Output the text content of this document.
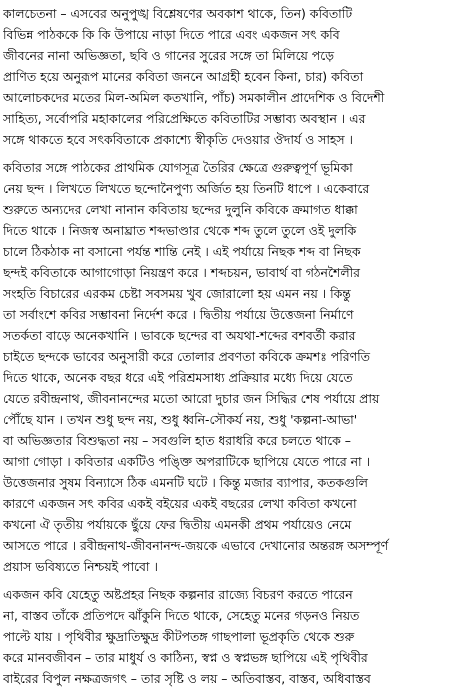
কালচেতনা – এসবের অনুপুঙ্খ বিশ্লেষণের অবকাশ থাকে, তিন) কবিতাটি
বিভিন্ন পাঠককে কি কি উপায়ে নাড়া দিতে পারে এবং একজন সৎ কবি
জীবনের নানা অভিজ্ঞতা, ছবি ও গানের সুরের সঙ্গে তা মিলিয়ে পড়ে
প্রাণিত হয়ে অনুরূপ মানের কবিতা জননে আগ্রহী হবেন কিনা, চার) কবিতা
আলোচকদের মতের মিল-অমিল কতখানি, পাঁচ) সমকালীন প্রাদেশিক ও বিদেশী
সাহিত্য, সর্বোপরি মহাকালের পরিপ্রেক্ষিতে কবিতাটির সম্ভাব্য অবস্থান । এর
সঙ্গে থাকতে হবে সৎকবিতাকে প্রকাশ্যে স্বীকৃতি দেওয়ার ঔদার্য ও সাহস ।
কবিতার সঙ্গে পাঠকের প্রাথমিক যোগসূত্র তৈরির ক্ষেত্রে গুরুত্বপূর্ণ ভূমিকা
নেয় ছন্দ । লিখতে লিখতে ছন্দোনৈপুণ্য অর্জিত হয় তিনটি ধাপে । একেবারে
শুরুতে অন্যদের লেখা নানান কবিতায় ছন্দের দুলুনি কবিকে ক্রমাগত ধাক্কা
দিতে থাকে । নিজস্ব অনাঘ্রাত শব্দভাণ্ডার থেকে শব্দ তুলে তুলে ওই দুলকি
চালে ঠিকঠাক না বসানো পর্যন্ত শান্তি নেই । এই পর্যায়ে নিছক শব্দ বা নিছক
ছন্দই কবিতাকে আগাগোড়া নিয়ন্ত্রণ করে । শব্দচয়ন, ভাবার্থ বা গঠনশৈলীর
সংহতি বিচারের এরকম চেষ্টা সবসময় খুব জোরালো হয় এমন নয় । কিন্তু
তা সর্বাংশে কবির সম্ভাবনা নির্দেশ করে । দ্বিতীয় পর্যায়ে উত্তেজনা নির্মাণে
সতর্কতা বাড়ে অনেকখানি । ভাবকে ছন্দের বা অযথা-শব্দের বশবর্তী করার
চাইতে ছন্দকে ভাবের অনুসারী করে তোলার প্রবণতা কবিকে ক্রমশঃ পরিণতি
দিতে থাকে, অনেক বছর ধরে এই পরিশ্রমসাধ্য প্রক্রিয়ার মধ্যে দিয়ে যেতে
যেতে রবীন্দ্রনাথ, জীবনানন্দের মতো আরো দুচার জন সিদ্ধির শেষ পর্যায়ে প্রায়
পৌঁছে যান । তখন শুধু ছন্দ নয়, শুধু ধ্বনি-সৌকর্য নয়, শুধু 'কল্পনা-আভা'
বা অভিজ্ঞতার বিশুদ্ধতা নয় – সবগুলি হাত ধরাধরি করে চলতে থাকে –
আগা গোড়া । কবিতার একটিও পঙ্ক্তি অপরাটিকে ছাপিয়ে যেতে পারে না ।
উত্তেজনার সুষম বিন্যাসে ঠিক এমনটি ঘটে । কিন্তু মজার ব্যাপার, কতকগুলি
কারণে একজন সৎ কবির একই বইয়ের একই বছরের লেখা কবিতা কখনো
কখনো ঐ তৃতীয় পর্যায়কে ছুঁয়ে ফের দ্বিতীয় এমনকী প্রথম পর্যায়েও নেমে
আসতে পারে । রবীন্দ্রনাথ-জীবনানন্দ-জয়কে এভাবে দেখানোর অন্তরঙ্গ অসম্পূর্ণ
প্রয়াস ভবিষ্যতে নিশ্চয়ই পাবো ।
একজন কবি যেহেতু অষ্টপ্রহর নিছক কল্পনার রাজ্যে বিচরণ করতে পারেন
না, বাস্তব তাঁকে প্রতিপদে ঝাঁকুনি দিতে থাকে, সেহেতু মনের গড়নও নিয়ত
পাল্টে যায় । পৃথিবীর ক্ষুদ্রাতিক্ষুদ্র কীটপতঙ্গ গাছপালা ভূপ্রকৃতি থেকে শুরু
করে মানবজীবন – তার মাধুর্য ও কাঠিন্য, স্বপ্ন ও স্বপ্নভঙ্গ ছাপিয়ে এই পৃথিবীর
বাইরের বিপুল নক্ষত্রজগৎ – তার সৃষ্টি ও লয় – অতিবাস্তব, বাস্তব, অধিবাস্তব
